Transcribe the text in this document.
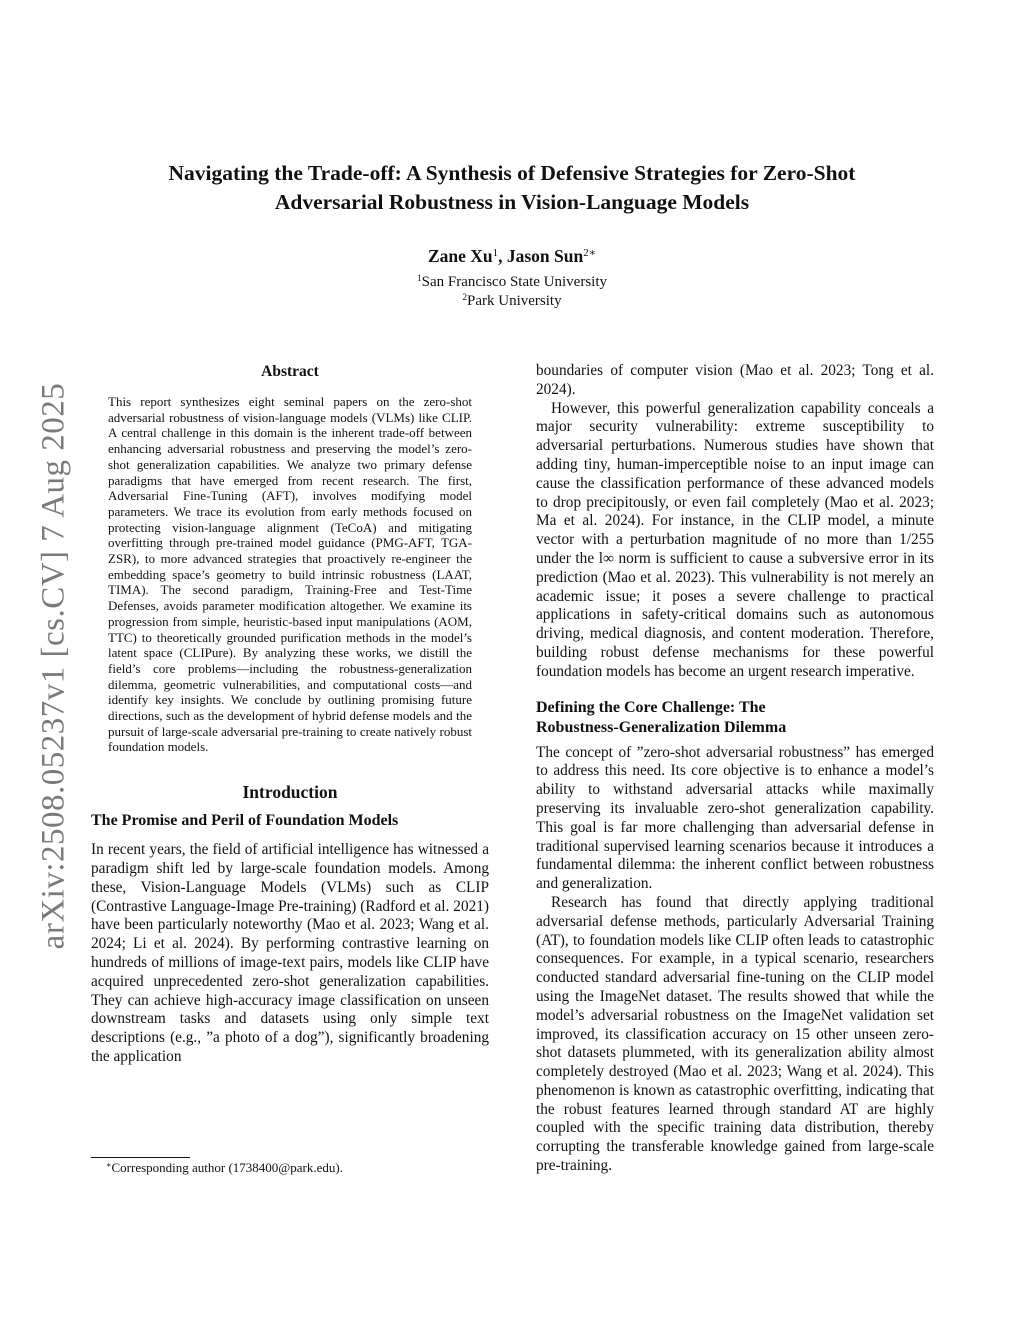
arXiv:2508.05237v1 [cs.CV] 7 Aug 2025
Navigating the Trade-off: A Synthesis of Defensive Strategies for Zero-Shot
Adversarial Robustness in Vision-Language Models
Zane Xu$^1$, Jason Sun$^{2∗}$
$^1$San Francisco State University
$^2$Park University
Abstract

This report synthesizes eight seminal papers on the zero-shot adversarial robustness of vision-language models (VLMs) like CLIP. A central challenge in this domain is the inherent trade-off between enhancing adversarial robustness and preserving the model’s zero-shot generalization capabilities. We analyze two primary defense paradigms that have emerged from recent research. The first, Adversarial Fine-Tuning (AFT), involves modifying model parameters. We trace its evolution from early methods focused on protecting vision-language alignment (TeCoA) and mitigating overfitting through pre-trained model guidance (PMG-AFT, TGA-ZSR), to more advanced strategies that proactively re-engineer the embedding space’s geometry to build intrinsic robustness (LAAT, TIMA). The second paradigm, Training-Free and Test-Time Defenses, avoids parameter modification altogether. We examine its progression from simple, heuristic-based input manipulations (AOM, TTC) to theoretically grounded purification methods in the model’s latent space (CLIPure). By analyzing these works, we distill the field’s core problems—including the robustness-generalization dilemma, geometric vulnerabilities, and computational costs—and identify key insights. We conclude by outlining promising future directions, such as the development of hybrid defense models and the pursuit of large-scale adversarial pre-training to create natively robust foundation models.

Introduction
The Promise and Peril of Foundation Models

In recent years, the field of artificial intelligence has witnessed a paradigm shift led by large-scale foundation models. Among these, Vision-Language Models (VLMs) such as CLIP (Contrastive Language-Image Pre-training) (Radford et al. 2021) have been particularly noteworthy (Mao et al. 2023; Wang et al. 2024; Li et al. 2024). By performing contrastive learning on hundreds of millions of image-text pairs, models like CLIP have acquired unprecedented zero-shot generalization capabilities. They can achieve high-accuracy image classification on unseen downstream tasks and datasets using only simple text descriptions (e.g., ”a photo of a dog”), significantly broadening the application

∗Corresponding author (1738400@park.edu).

boundaries of computer vision (Mao et al. 2023; Tong et al. 2024).

However, this powerful generalization capability conceals a major security vulnerability: extreme susceptibility to adversarial perturbations. Numerous studies have shown that adding tiny, human-imperceptible noise to an input image can cause the classification performance of these advanced models to drop precipitously, or even fail completely (Mao et al. 2023; Ma et al. 2024). For instance, in the CLIP model, a minute vector with a perturbation magnitude of no more than 1/255 under the l∞ norm is sufficient to cause a subversive error in its prediction (Mao et al. 2023). This vulnerability is not merely an academic issue; it poses a severe challenge to practical applications in safety-critical domains such as autonomous driving, medical diagnosis, and content moderation. Therefore, building robust defense mechanisms for these powerful foundation models has become an urgent research imperative.

Defining the Core Challenge: The
Robustness-Generalization Dilemma

The concept of ”zero-shot adversarial robustness” has emerged to address this need. Its core objective is to enhance a model’s ability to withstand adversarial attacks while maximally preserving its invaluable zero-shot generalization capability. This goal is far more challenging than adversarial defense in traditional supervised learning scenarios because it introduces a fundamental dilemma: the inherent conflict between robustness and generalization.

Research has found that directly applying traditional adversarial defense methods, particularly Adversarial Training (AT), to foundation models like CLIP often leads to catastrophic consequences. For example, in a typical scenario, researchers conducted standard adversarial fine-tuning on the CLIP model using the ImageNet dataset. The results showed that while the model’s adversarial robustness on the ImageNet validation set improved, its classification accuracy on 15 other unseen zero-shot datasets plummeted, with its generalization ability almost completely destroyed (Mao et al. 2023; Wang et al. 2024). This phenomenon is known as catastrophic overfitting, indicating that the robust features learned through standard AT are highly coupled with the specific training data distribution, thereby corrupting the transferable knowledge gained from large-scale pre-training.
